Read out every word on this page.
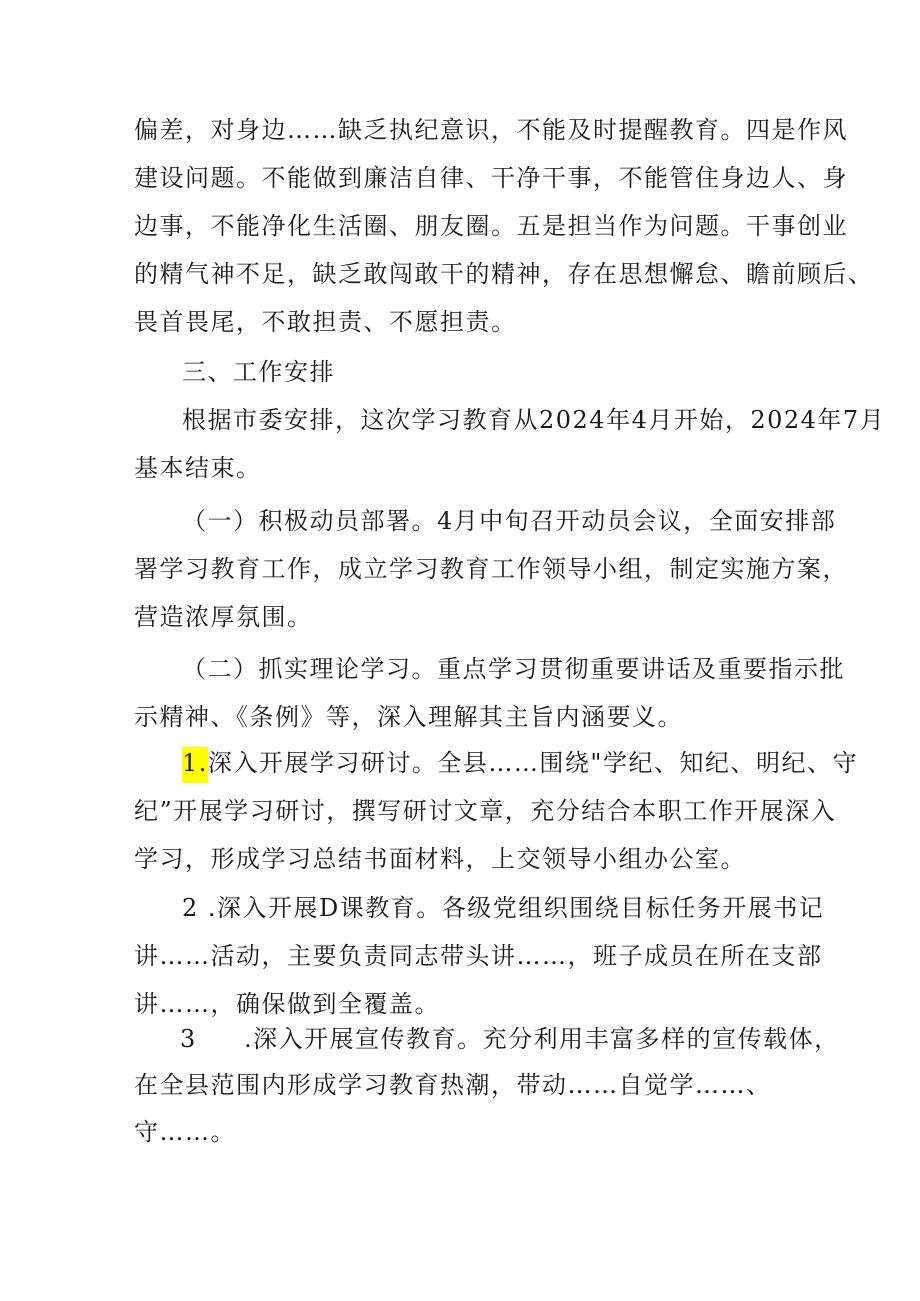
偏差，对身边……缺乏执纪意识，不能及时提醒教育。四是作风
建设问题。不能做到廉洁自律、干净干事，不能管住身边人、身
边事，不能净化生活圈、朋友圈。五是担当作为问题。干事创业
的精气神不足，缺乏敢闯敢干的精神，存在思想懈怠、瞻前顾后、
畏首畏尾，不敢担责、不愿担责。
三、工作安排
根据市委安排，这次学习教育从2024年4月开始，2024年7月
基本结束。
（一）积极动员部署。4月中旬召开动员会议，全面安排部
署学习教育工作，成立学习教育工作领导小组，制定实施方案，
营造浓厚氛围。
（二）抓实理论学习。重点学习贯彻重要讲话及重要指示批
示精神、《条例》等，深入理解其主旨内涵要义。
1.深入开展学习研讨。全县……围绕"学纪、知纪、明纪、守
纪”开展学习研讨，撰写研讨文章，充分结合本职工作开展深入
学习，形成学习总结书面材料，上交领导小组办公室。
2 .深入开展D课教育。各级党组织围绕目标任务开展书记
讲……活动，主要负责同志带头讲……，班子成员在所在支部
讲……，确保做到全覆盖。
3 .深入开展宣传教育。充分利用丰富多样的宣传载体，
在全县范围内形成学习教育热潮，带动……自觉学……、
守……。
